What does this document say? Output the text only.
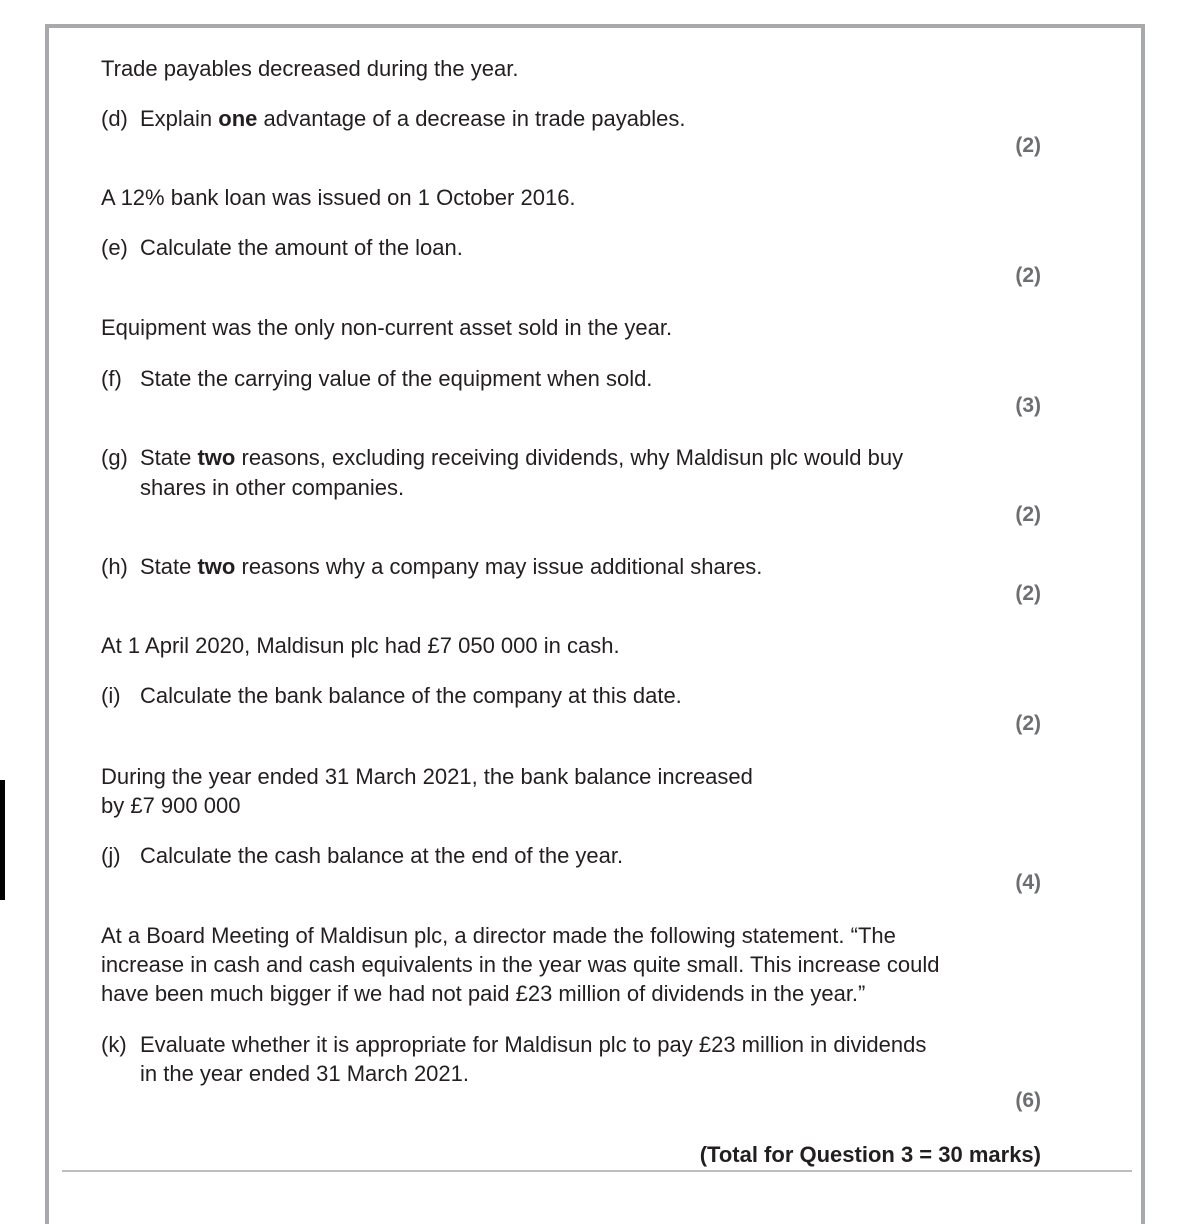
Trade payables decreased during the year.
(d) Explain one advantage of a decrease in trade payables.
(2)
A 12% bank loan was issued on 1 October 2016.
(e) Calculate the amount of the loan.
(2)
Equipment was the only non-current asset sold in the year.
(f) State the carrying value of the equipment when sold.
(3)
(g) State two reasons, excluding receiving dividends, why Maldisun plc would buy
shares in other companies.
(2)
(h) State two reasons why a company may issue additional shares.
(2)
At 1 April 2020, Maldisun plc had £7 050 000 in cash.
(i) Calculate the bank balance of the company at this date.
(2)
During the year ended 31 March 2021, the bank balance increased
by £7 900 000
(j) Calculate the cash balance at the end of the year.
(4)
At a Board Meeting of Maldisun plc, a director made the following statement. “The
increase in cash and cash equivalents in the year was quite small. This increase could
have been much bigger if we had not paid £23 million of dividends in the year.”
(k) Evaluate whether it is appropriate for Maldisun plc to pay £23 million in dividends
in the year ended 31 March 2021.
(6)
(Total for Question 3 = 30 marks)
